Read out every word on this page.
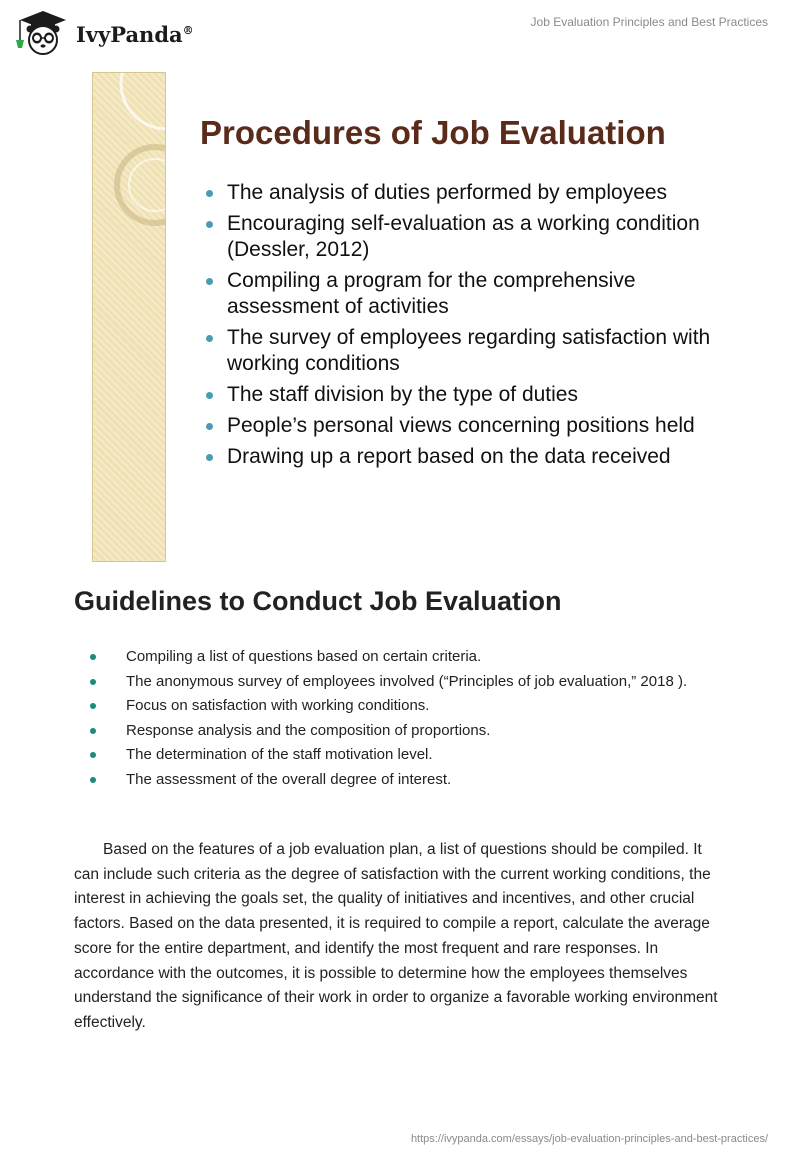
IvyPanda®
Job Evaluation Principles and Best Practices
Procedures of Job Evaluation
The analysis of duties performed by employees
Encouraging self-evaluation as a working condition (Dessler, 2012)
Compiling a program for the comprehensive assessment of activities
The survey of employees regarding satisfaction with working conditions
The staff division by the type of duties
People’s personal views concerning positions held
Drawing up a report based on the data received
Guidelines to Conduct Job Evaluation
Compiling a list of questions based on certain criteria.
The anonymous survey of employees involved (“Principles of job evaluation,” 2018 ).
Focus on satisfaction with working conditions.
Response analysis and the composition of proportions.
The determination of the staff motivation level.
The assessment of the overall degree of interest.

Based on the features of a job evaluation plan, a list of questions should be compiled. It can include such criteria as the degree of satisfaction with the current working conditions, the interest in achieving the goals set, the quality of initiatives and incentives, and other crucial factors. Based on the data presented, it is required to compile a report, calculate the average score for the entire department, and identify the most frequent and rare responses. In accordance with the outcomes, it is possible to determine how the employees themselves understand the significance of their work in order to organize a favorable working environment effectively.

https://ivypanda.com/essays/job-evaluation-principles-and-best-practices/
